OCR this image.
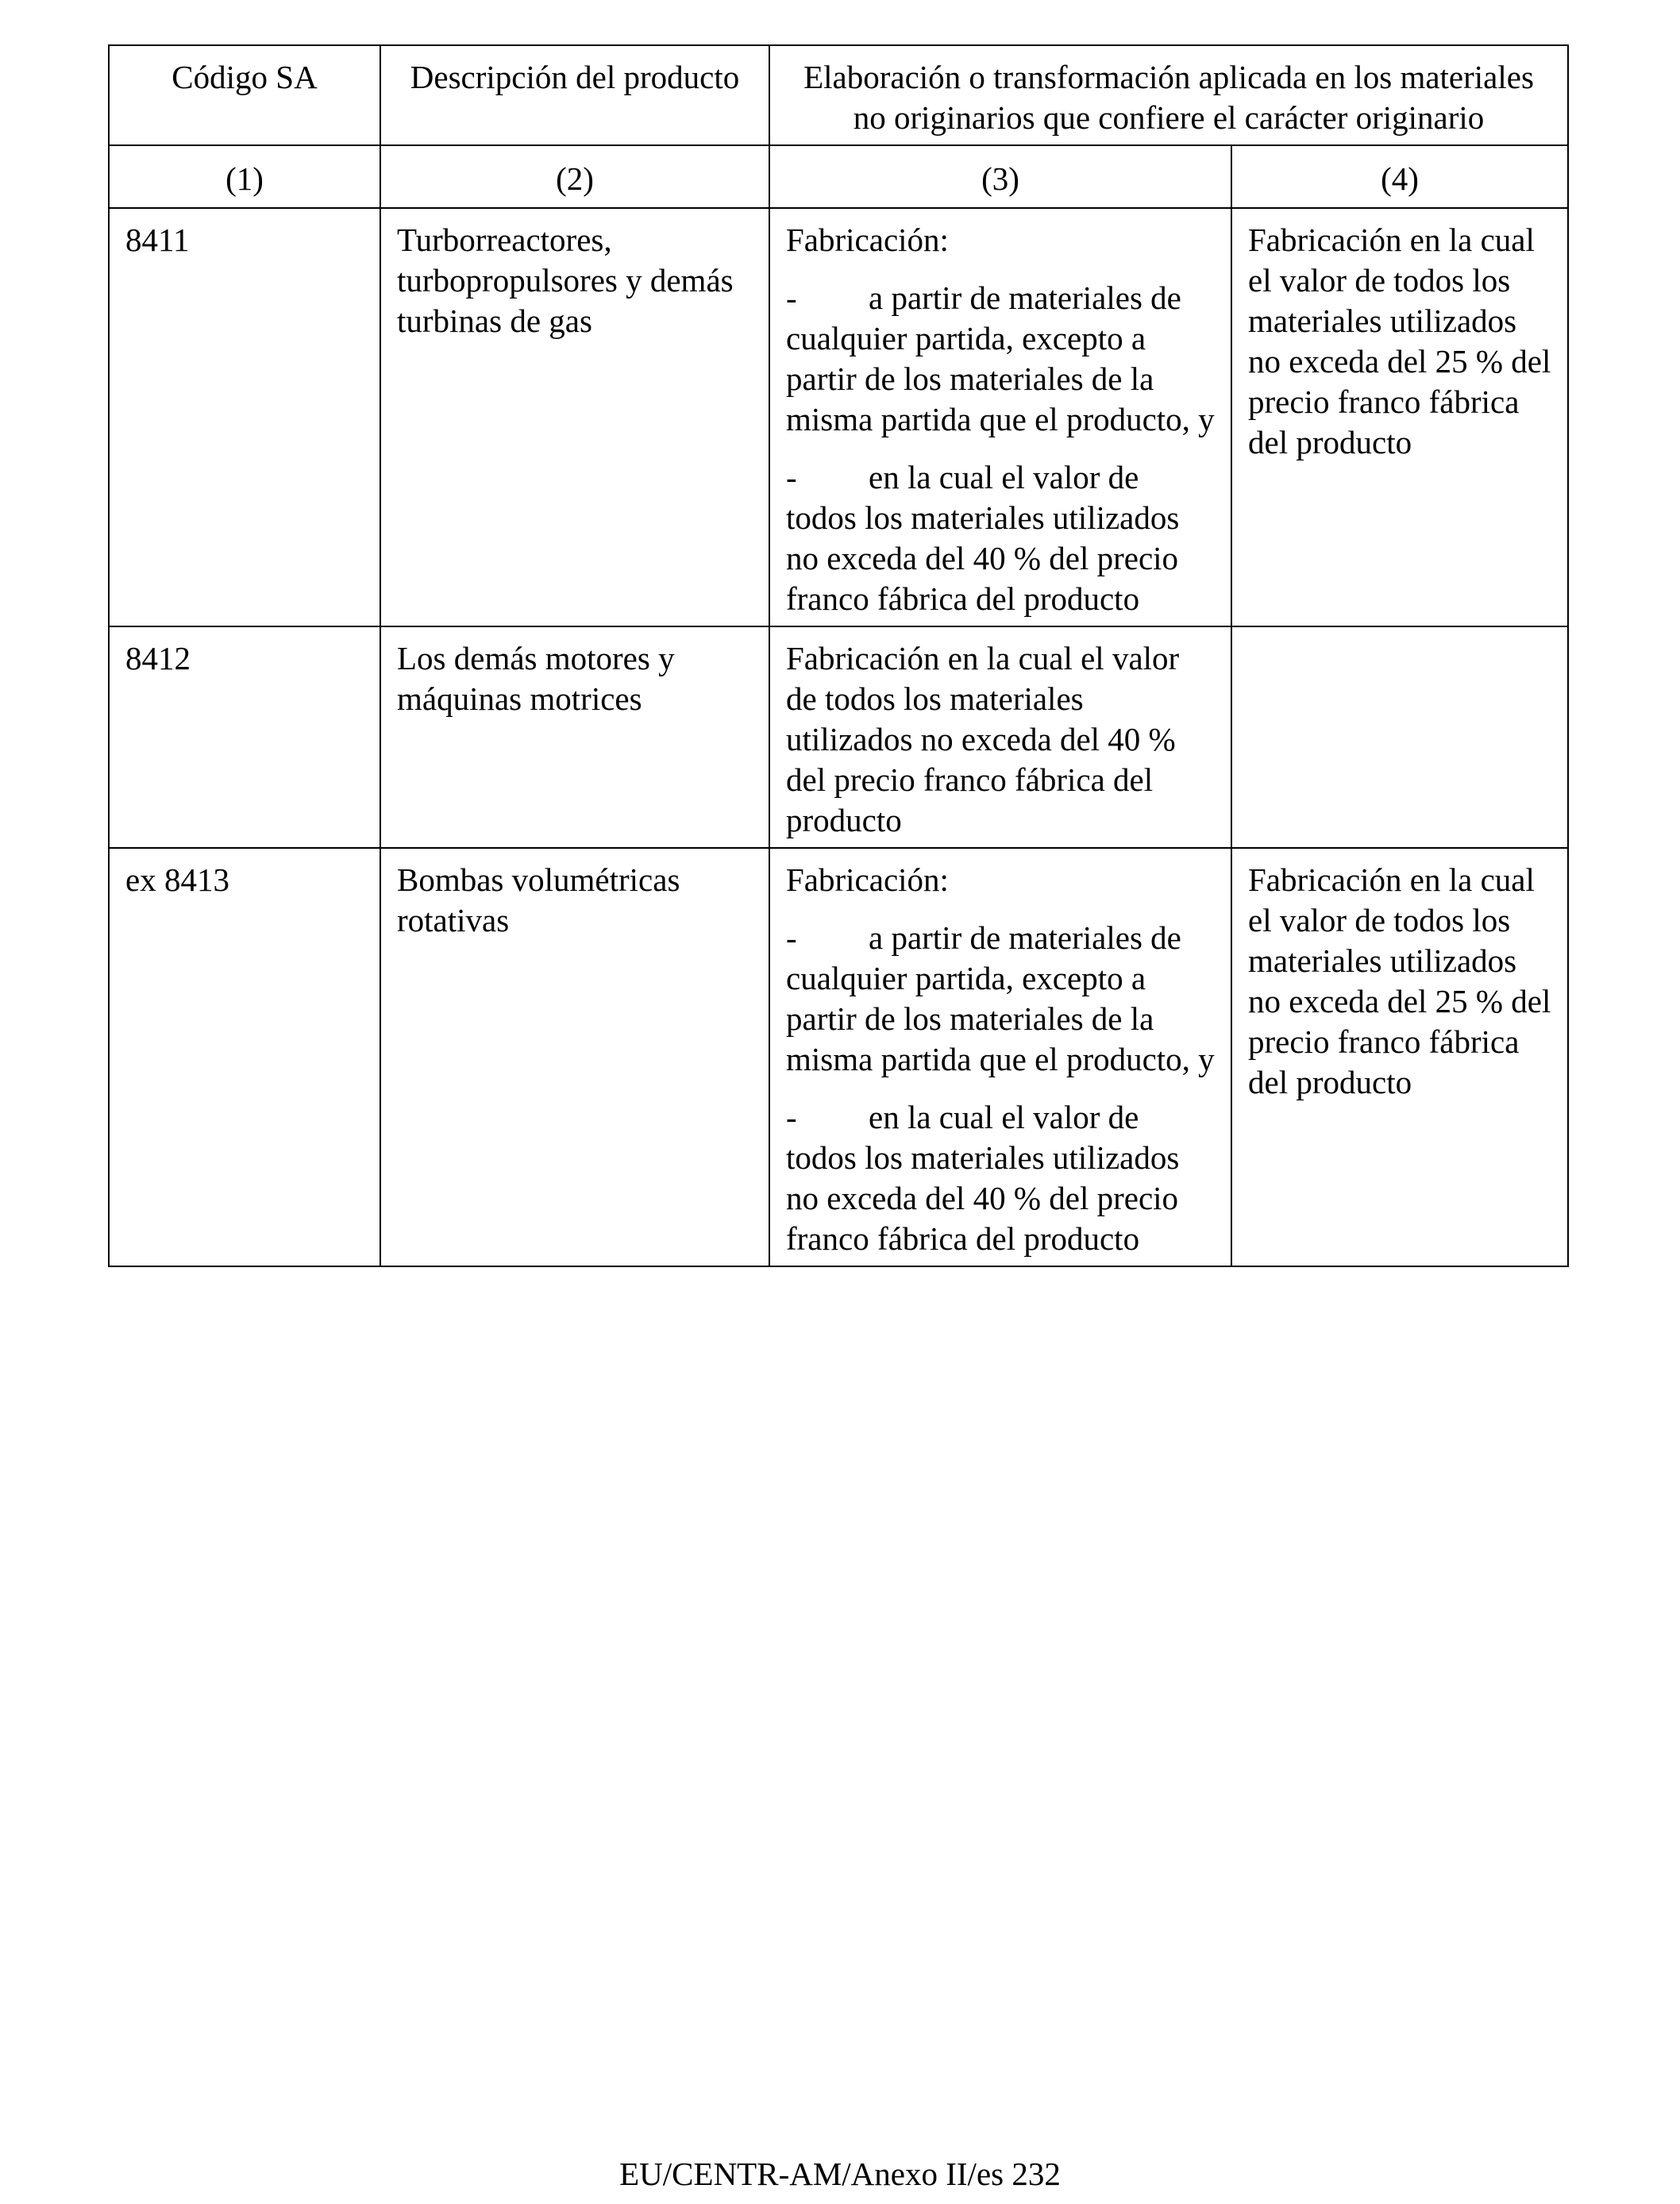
Código SA	Descripción del producto	Elaboración o transformación aplicada en los materiales no originarios que confiere el carácter originario	
(1)	(2)	(3)	(4)
8411	Turborreactores, turbopropulsores y demás turbinas de gas	Fabricación:
- a partir de materiales de cualquier partida, excepto a partir de los materiales de la misma partida que el producto, y
- en la cual el valor de todos los materiales utilizados no exceda del 40 % del precio franco fábrica del producto	Fabricación en la cual el valor de todos los materiales utilizados no exceda del 25 % del precio franco fábrica del producto
8412	Los demás motores y máquinas motrices	Fabricación en la cual el valor de todos los materiales utilizados no exceda del 40 % del precio franco fábrica del producto	
ex 8413	Bombas volumétricas rotativas	Fabricación:
- a partir de materiales de cualquier partida, excepto a partir de los materiales de la misma partida que el producto, y
- en la cual el valor de todos los materiales utilizados no exceda del 40 % del precio franco fábrica del producto	Fabricación en la cual el valor de todos los materiales utilizados no exceda del 25 % del precio franco fábrica del producto
EU/CENTR-AM/Anexo II/es 232
